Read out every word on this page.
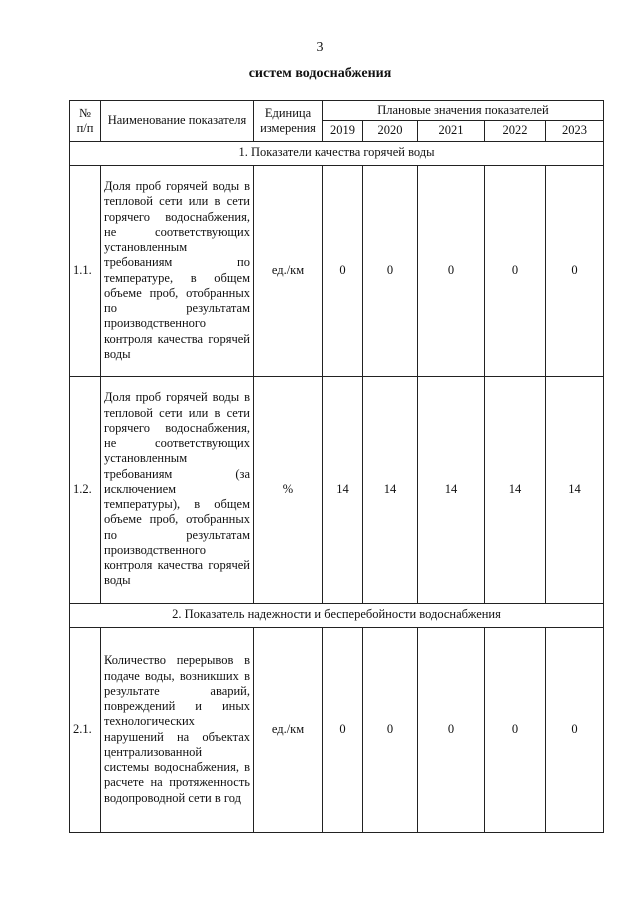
3
систем водоснабжения
№ п/п	Наименование показателя	Единица измерения	Плановые значения показателей				
			2019	2020	2021	2022	2023
1. Показатели качества горячей воды							
1.1.	Доля проб горячей воды в тепловой сети или в сети горячего водоснабжения, не соответствующих установленным требованиям по температуре, в общем объеме проб, отобранных по результатам производственного контроля качества горячей воды	ед./км	0	0	0	0	0
1.2.	Доля проб горячей воды в тепловой сети или в сети горячего водоснабжения, не соответствующих установленным требованиям (за исключением температуры), в общем объеме проб, отобранных по результатам производственного контроля качества горячей воды	%	14	14	14	14	14
2. Показатель надежности и бесперебойности водоснабжения							
2.1.	Количество перерывов в подаче воды, возникших в результате аварий, повреждений и иных технологических нарушений на объектах централизованной системы водоснабжения, в расчете на протяженность водопроводной сети в год	ед./км	0	0	0	0	0
